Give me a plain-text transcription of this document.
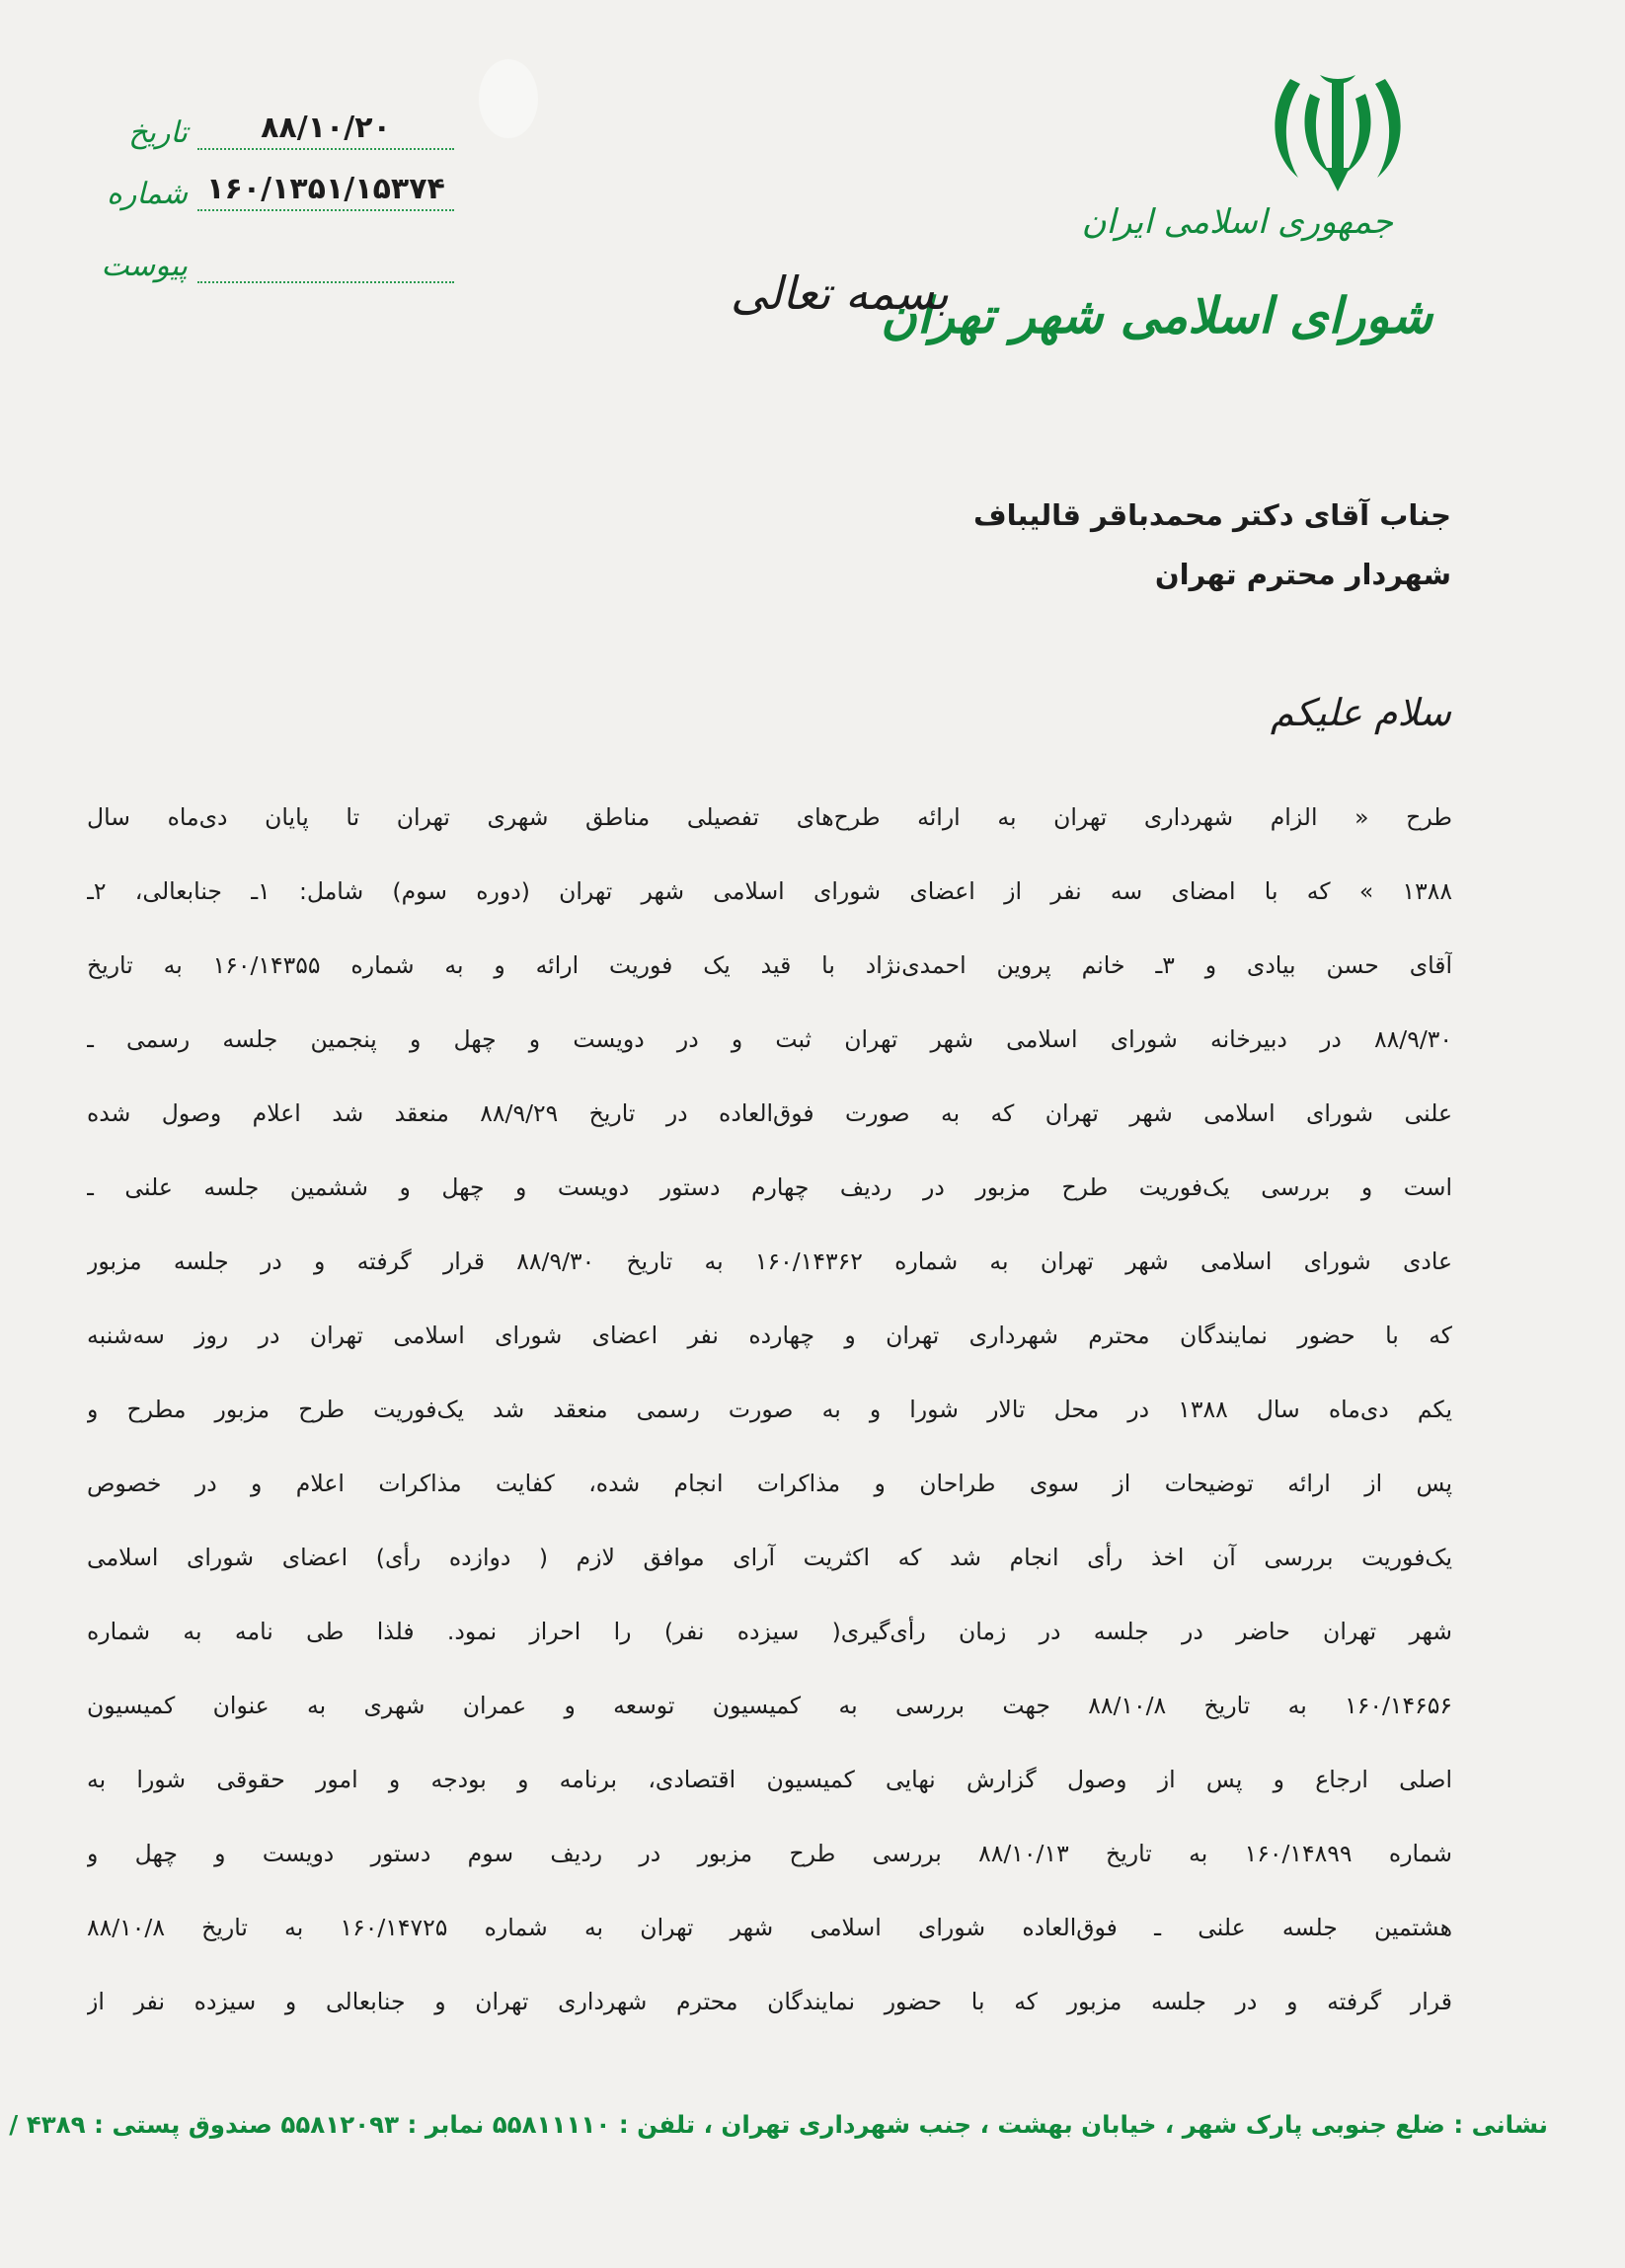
جمهوری اسلامی ایران
شورای اسلامی شهر تهران
بسمه تعالی
تاریخ	۸۸/۱۰/۲۰
شماره ۱۶۰/۱۳۵۱/۱۵۳۷۴
پیوست
جناب آقای دکتر محمدباقر قالیباف
شهردار محترم تهران
سلام علیکم
طرح « الزام شهرداری تهران به ارائه طرح‌های تفصیلی مناطق شهری تهران تا پایان دی‌ماه سال
۱۳۸۸ » که با امضای سه نفر از اعضای شورای اسلامی شهر تهران (دوره سوم) شامل: ۱ـ جنابعالی، ۲ـ
آقای حسن بیادی و ۳ـ خانم پروین احمدی‌نژاد با قید یک فوریت ارائه و به شماره ۱۶۰/۱۴۳۵۵ به تاریخ
۸۸/۹/۳۰ در دبیرخانه شورای اسلامی شهر تهران ثبت و در دویست و چهل و پنجمین جلسه رسمی ـ
علنی شورای اسلامی شهر تهران که به صورت فوق‌العاده در تاریخ ۸۸/۹/۲۹ منعقد شد اعلام وصول شده
است و بررسی یک‌فوریت طرح مزبور در ردیف چهارم دستور دویست و چهل و ششمین جلسه علنی ـ
عادی شورای اسلامی شهر تهران به شماره ۱۶۰/۱۴۳۶۲ به تاریخ ۸۸/۹/۳۰ قرار گرفته و در جلسه مزبور
که با حضور نمایندگان محترم شهرداری تهران و چهارده نفر اعضای شورای اسلامی تهران در روز سه‌شنبه
یکم دی‌ماه سال ۱۳۸۸ در محل تالار شورا و به صورت رسمی منعقد شد یک‌فوریت طرح مزبور مطرح و
پس از ارائه توضیحات از سوی طراحان و مذاکرات انجام شده، کفایت مذاکرات اعلام و در خصوص
یک‌فوریت بررسی آن اخذ رأی انجام شد که اکثریت آرای موافق لازم ( دوازده رأی) اعضای شورای اسلامی
شهر تهران حاضر در جلسه در زمان رأی‌گیری( سیزده نفر) را احراز نمود. فلذا طی نامه به شماره
۱۶۰/۱۴۶۵۶ به تاریخ ۸۸/۱۰/۸ جهت بررسی به کمیسیون توسعه و عمران شهری به عنوان کمیسیون
اصلی ارجاع و پس از وصول گزارش نهایی کمیسیون اقتصادی، برنامه و بودجه و امور حقوقی شورا به
شماره ۱۶۰/۱۴۸۹۹ به تاریخ ۸۸/۱۰/۱۳ بررسی طرح مزبور در ردیف سوم دستور دویست و چهل و
هشتمین جلسه علنی ـ فوق‌العاده شورای اسلامی شهر تهران به شماره ۱۶۰/۱۴۷۲۵ به تاریخ ۸۸/۱۰/۸
قرار گرفته و در جلسه مزبور که با حضور نمایندگان محترم شهرداری تهران و جنابعالی و سیزده نفر از
نشانی : ضلع جنوبی پارک شهر ، خیابان بهشت ، جنب شهرداری تهران ، تلفن : ۵۵۸۱۱۱۱۰ نمابر : ۵۵۸۱۲۰۹۳ صندوق پستی : ۴۳۸۹ /
